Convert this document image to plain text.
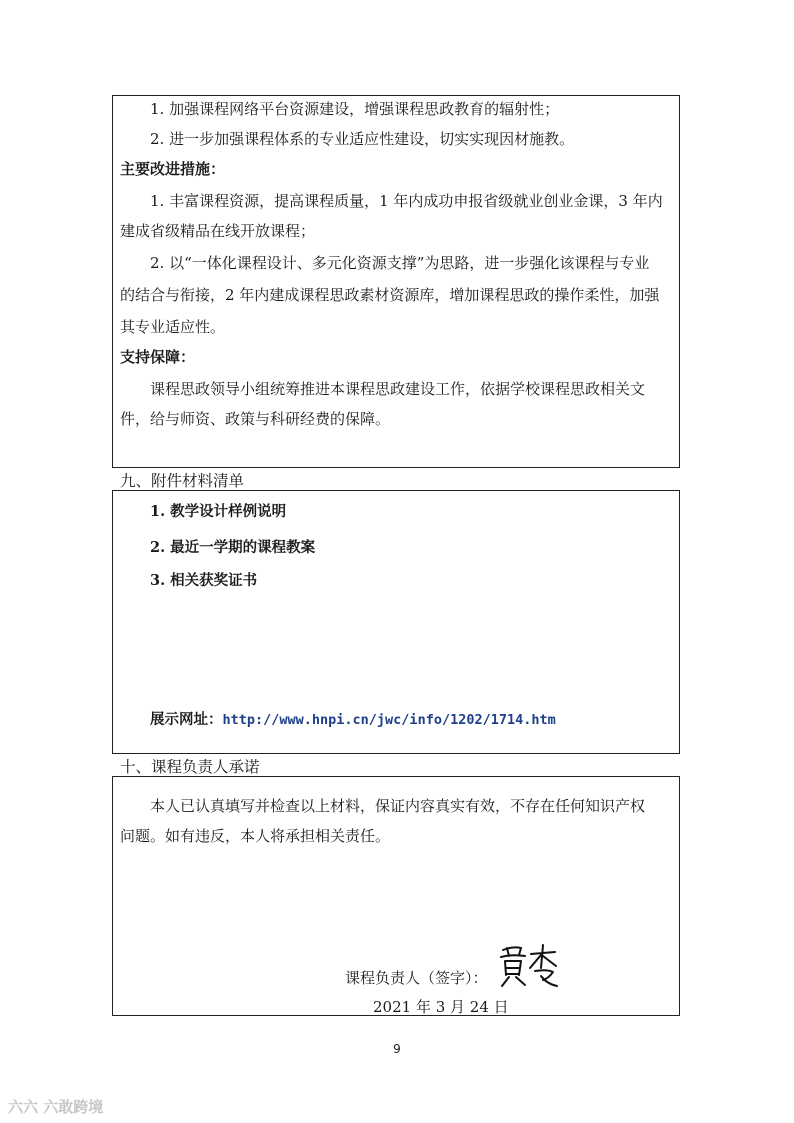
1. 加强课程网络平台资源建设，增强课程思政教育的辐射性；
2. 进一步加强课程体系的专业适应性建设，切实实现因材施教。
主要改进措施：
1. 丰富课程资源，提高课程质量，1 年内成功申报省级就业创业金课，3 年内
建成省级精品在线开放课程；
2. 以“一体化课程设计、多元化资源支撑”为思路，进一步强化该课程与专业
的结合与衔接，2 年内建成课程思政素材资源库，增加课程思政的操作柔性，加强
其专业适应性。
支持保障：
课程思政领导小组统筹推进本课程思政建设工作，依据学校课程思政相关文
件，给与师资、政策与科研经费的保障。
九、附件材料清单
1. 教学设计样例说明
2. 最近一学期的课程教案
3. 相关获奖证书
展示网址：http://www.hnpi.cn/jwc/info/1202/1714.htm
十、课程负责人承诺
本人已认真填写并检查以上材料，保证内容真实有效，不存在任何知识产权
问题。如有违反，本人将承担相关责任。
课程负责人（签字）：
2021 年 3 月 24 日
9
六六 六敢跨境
